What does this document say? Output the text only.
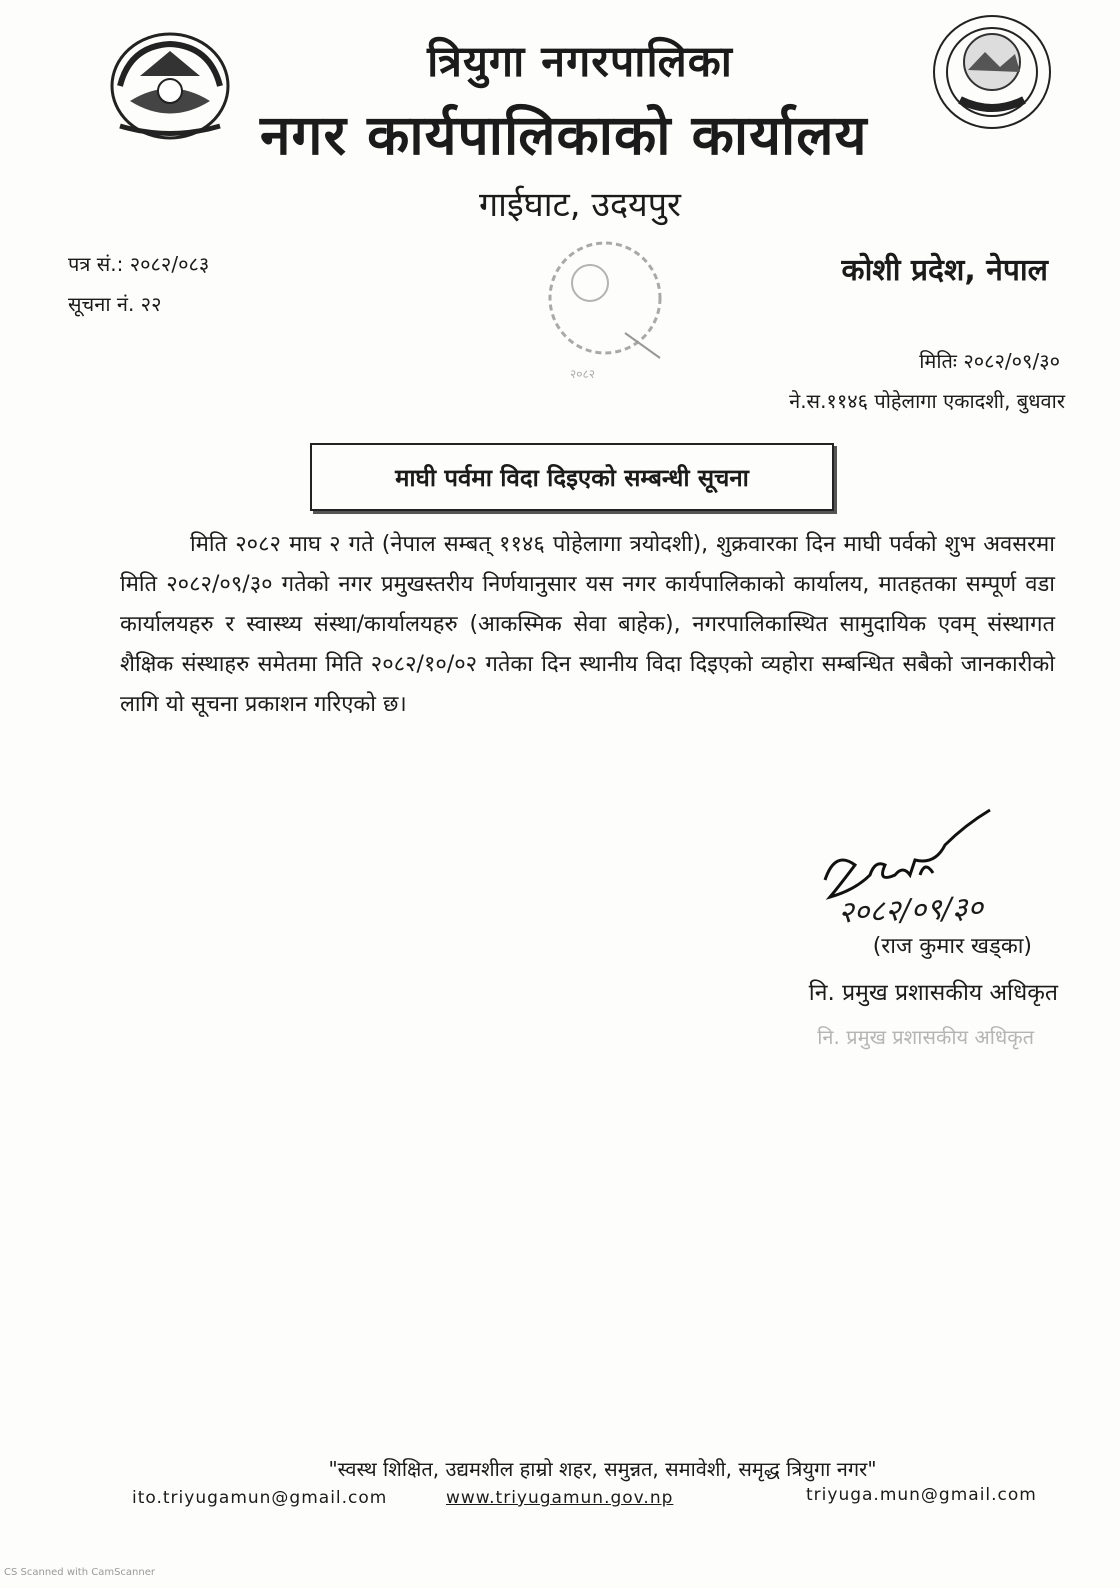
२०८२
त्रियुगा नगरपालिका
नगर कार्यपालिकाको कार्यालय
गाईघाट, उदयपुर
पत्र सं.: २०८२/०८३
सूचना नं. २२
कोशी प्रदेश, नेपाल
मितिः २०८२/०९/३०
ने.स.११४६ पोहेलागा एकादशी, बुधवार
माघी पर्वमा विदा दिइएको सम्बन्धी सूचना
मिति २०८२ माघ २ गते (नेपाल सम्बत् ११४६ पोहेलागा त्रयोदशी), शुक्रवारका दिन माघी पर्वको शुभ अवसरमा मिति २०८२/०९/३० गतेको नगर प्रमुखस्तरीय निर्णयानुसार यस नगर कार्यपालिकाको कार्यालय, मातहतका सम्पूर्ण वडा कार्यालयहरु र स्वास्थ्य संस्था/कार्यालयहरु (आकस्मिक सेवा बाहेक), नगरपालिकास्थित सामुदायिक एवम् संस्थागत शैक्षिक संस्थाहरु समेतमा मिति २०८२/१०/०२ गतेका दिन स्थानीय विदा दिइएको व्यहोरा सम्बन्धित सबैको जानकारीको लागि यो सूचना प्रकाशन गरिएको छ।
२०८२/०९/३०
(राज कुमार खड्का)
नि. प्रमुख प्रशासकीय अधिकृत
नि. प्रमुख प्रशासकीय अधिकृत
"स्वस्थ शिक्षित, उद्यमशील हाम्रो शहर, समुन्नत, समावेशी, समृद्ध त्रियुगा नगर"
ito.triyugamun@gmail.com	www.triyugamun.gov.np	triyuga.mun@gmail.com
CS Scanned with CamScanner
